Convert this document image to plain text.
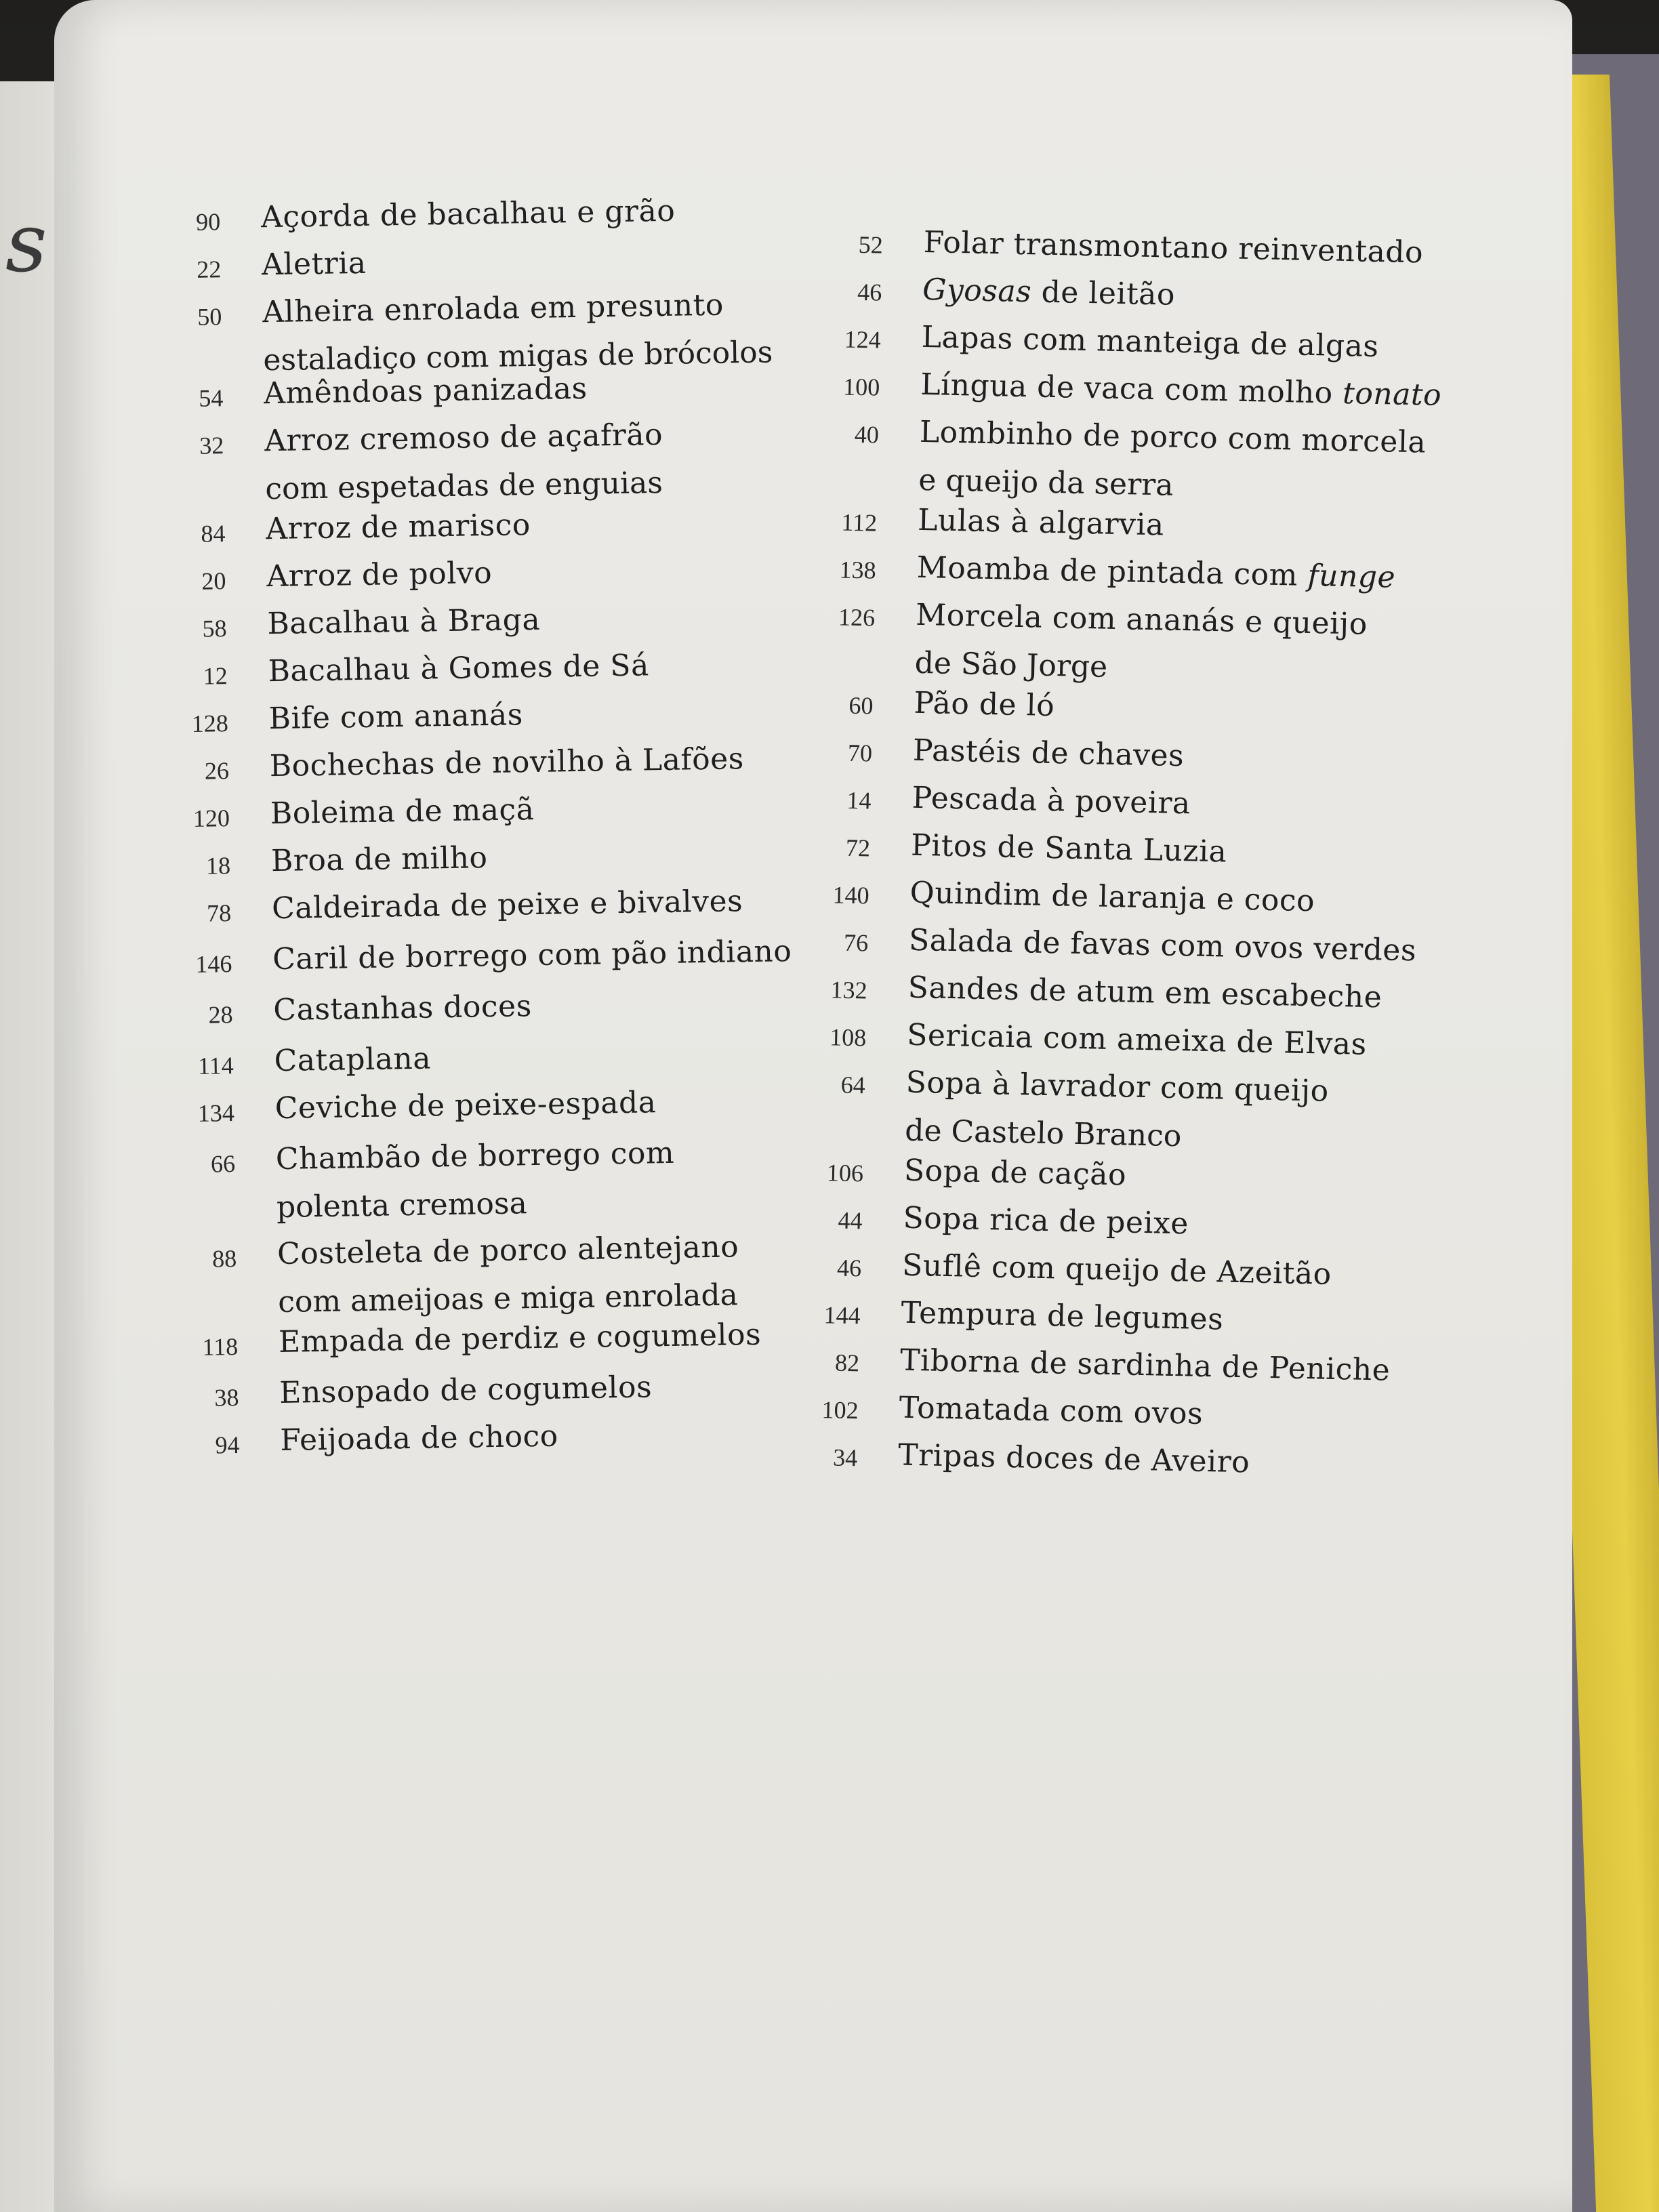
s	90 Açorda de bacalhau e grão
22 Aletria
50 Alheira enrolada em presunto
estaladiço com migas de brócolos
54 Amêndoas panizadas
32 Arroz cremoso de açafrão
com espetadas de enguias
84 Arroz de marisco
20 Arroz de polvo
58 Bacalhau à Braga
12 Bacalhau à Gomes de Sá
128 Bife com ananás
26 Bochechas de novilho à Lafões
120 Boleima de maçã
18 Broa de milho
78 Caldeirada de peixe e bivalves
146 Caril de borrego com pão indiano
28 Castanhas doces
114 Cataplana
134 Ceviche de peixe-espada
66 Chambão de borrego com
polenta cremosa
88 Costeleta de porco alentejano
com ameijoas e miga enrolada
118 Empada de perdiz e cogumelos
38 Ensopado de cogumelos
94 Feijoada de choco
52 Folar transmontano reinventado
46 Gyosas de leitão
124 Lapas com manteiga de algas
100 Língua de vaca com molho tonato
40 Lombinho de porco com morcela
e queijo da serra
112 Lulas à algarvia
138 Moamba de pintada com funge
126 Morcela com ananás e queijo
de São Jorge
60 Pão de ló
70 Pastéis de chaves
14 Pescada à poveira
72 Pitos de Santa Luzia
140 Quindim de laranja e coco
76 Salada de favas com ovos verdes
132 Sandes de atum em escabeche
108 Sericaia com ameixa de Elvas
64 Sopa à lavrador com queijo
de Castelo Branco
106 Sopa de cação
44 Sopa rica de peixe
46 Suflê com queijo de Azeitão
144 Tempura de legumes
82 Tiborna de sardinha de Peniche
102 Tomatada com ovos
34 Tripas doces de Aveiro
